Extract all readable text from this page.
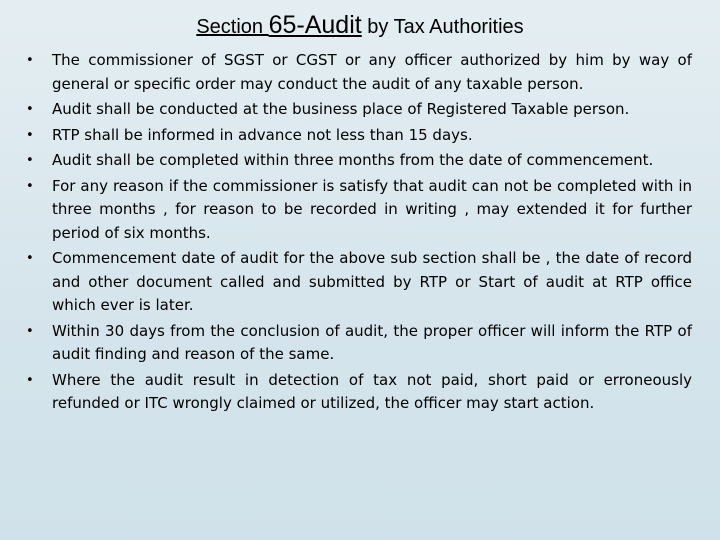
Section 65-Audit by Tax Authorities
• The commissioner of SGST or CGST or any officer authorized by him by way of general or specific order may conduct the audit of any taxable person.
• Audit shall be conducted at the business place of Registered Taxable person.
• RTP shall be informed in advance not less than 15 days.
• Audit shall be completed within three months from the date of commencement.
• For any reason if the commissioner is satisfy that audit can not be completed with in three months , for reason to be recorded in writing , may extended it for further period of six months.
• Commencement date of audit for the above sub section shall be , the date of record and other document called and submitted by RTP or Start of audit at RTP office which ever is later.
• Within 30 days from the conclusion of audit, the proper officer will inform the RTP of audit finding and reason of the same.
• Where the audit result in detection of tax not paid, short paid or erroneously refunded or ITC wrongly claimed or utilized, the officer may start action.
